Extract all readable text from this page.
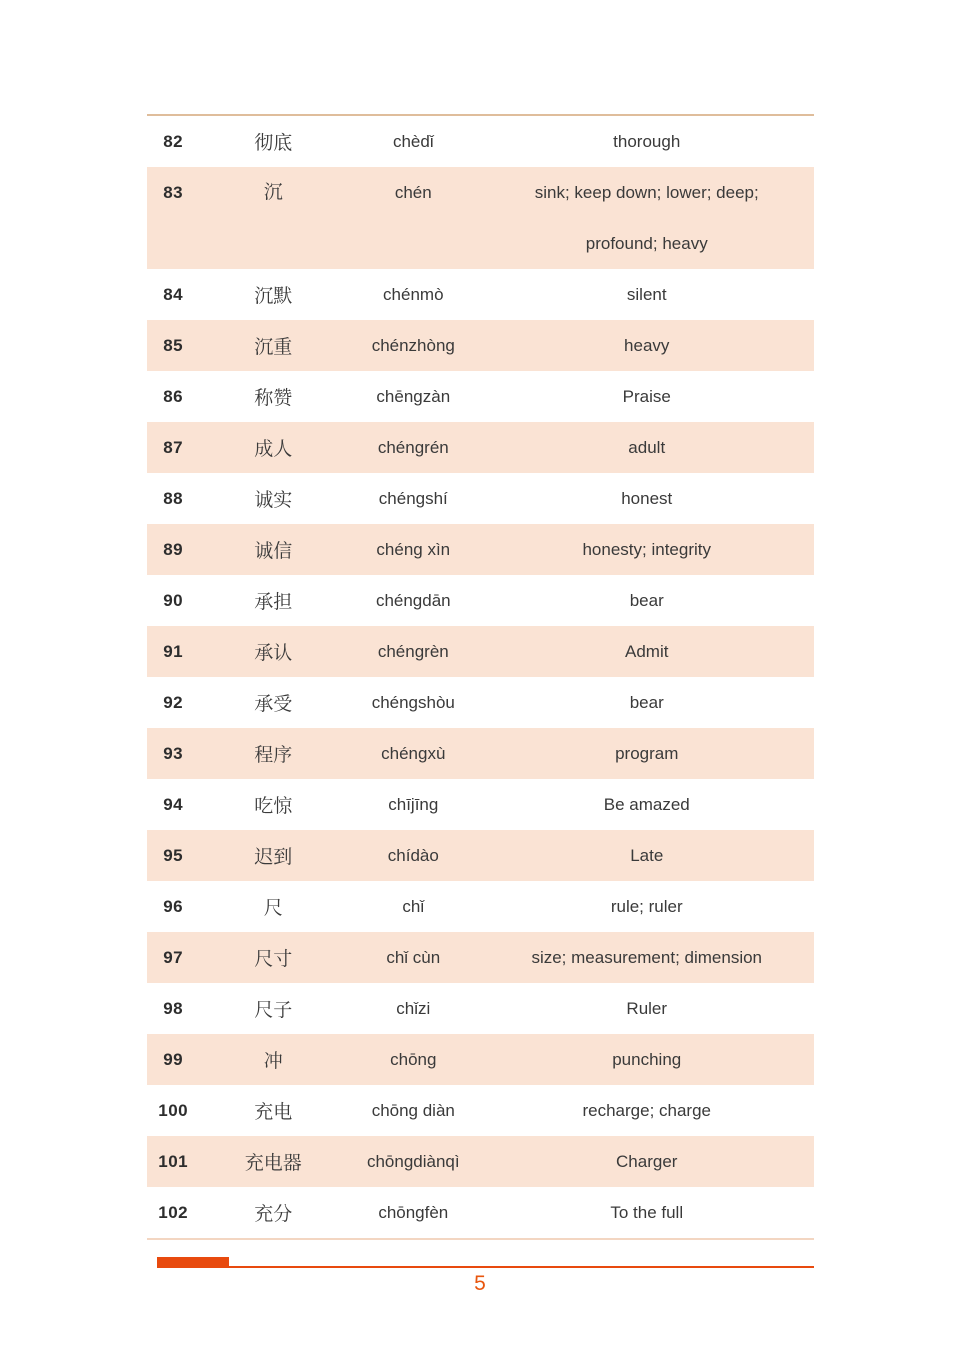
82	彻底	chèdǐ	thorough
83	沉	chén	sink; keep down; lower; deep;
profound; heavy
84	沉默	chénmò	silent
85	沉重	chénzhòng	heavy
86	称赞	chēngzàn	Praise
87	成人	chéngrén	adult
88	诚实	chéngshí	honest
89	诚信	chéng xìn	honesty; integrity
90	承担	chéngdān	bear
91	承认	chéngrèn	Admit
92	承受	chéngshòu	bear
93	程序	chéngxù	program
94	吃惊	chījīng	Be amazed
95	迟到	chídào	Late
96	尺	chǐ	rule; ruler
97	尺寸	chǐ cùn	size; measurement; dimension
98	尺子	chǐzi	Ruler
99	冲	chōng	punching
100	充电	chōng diàn	recharge; charge
101	充电器	chōngdiànqì	Charger
102	充分	chōngfèn	To the full
5
